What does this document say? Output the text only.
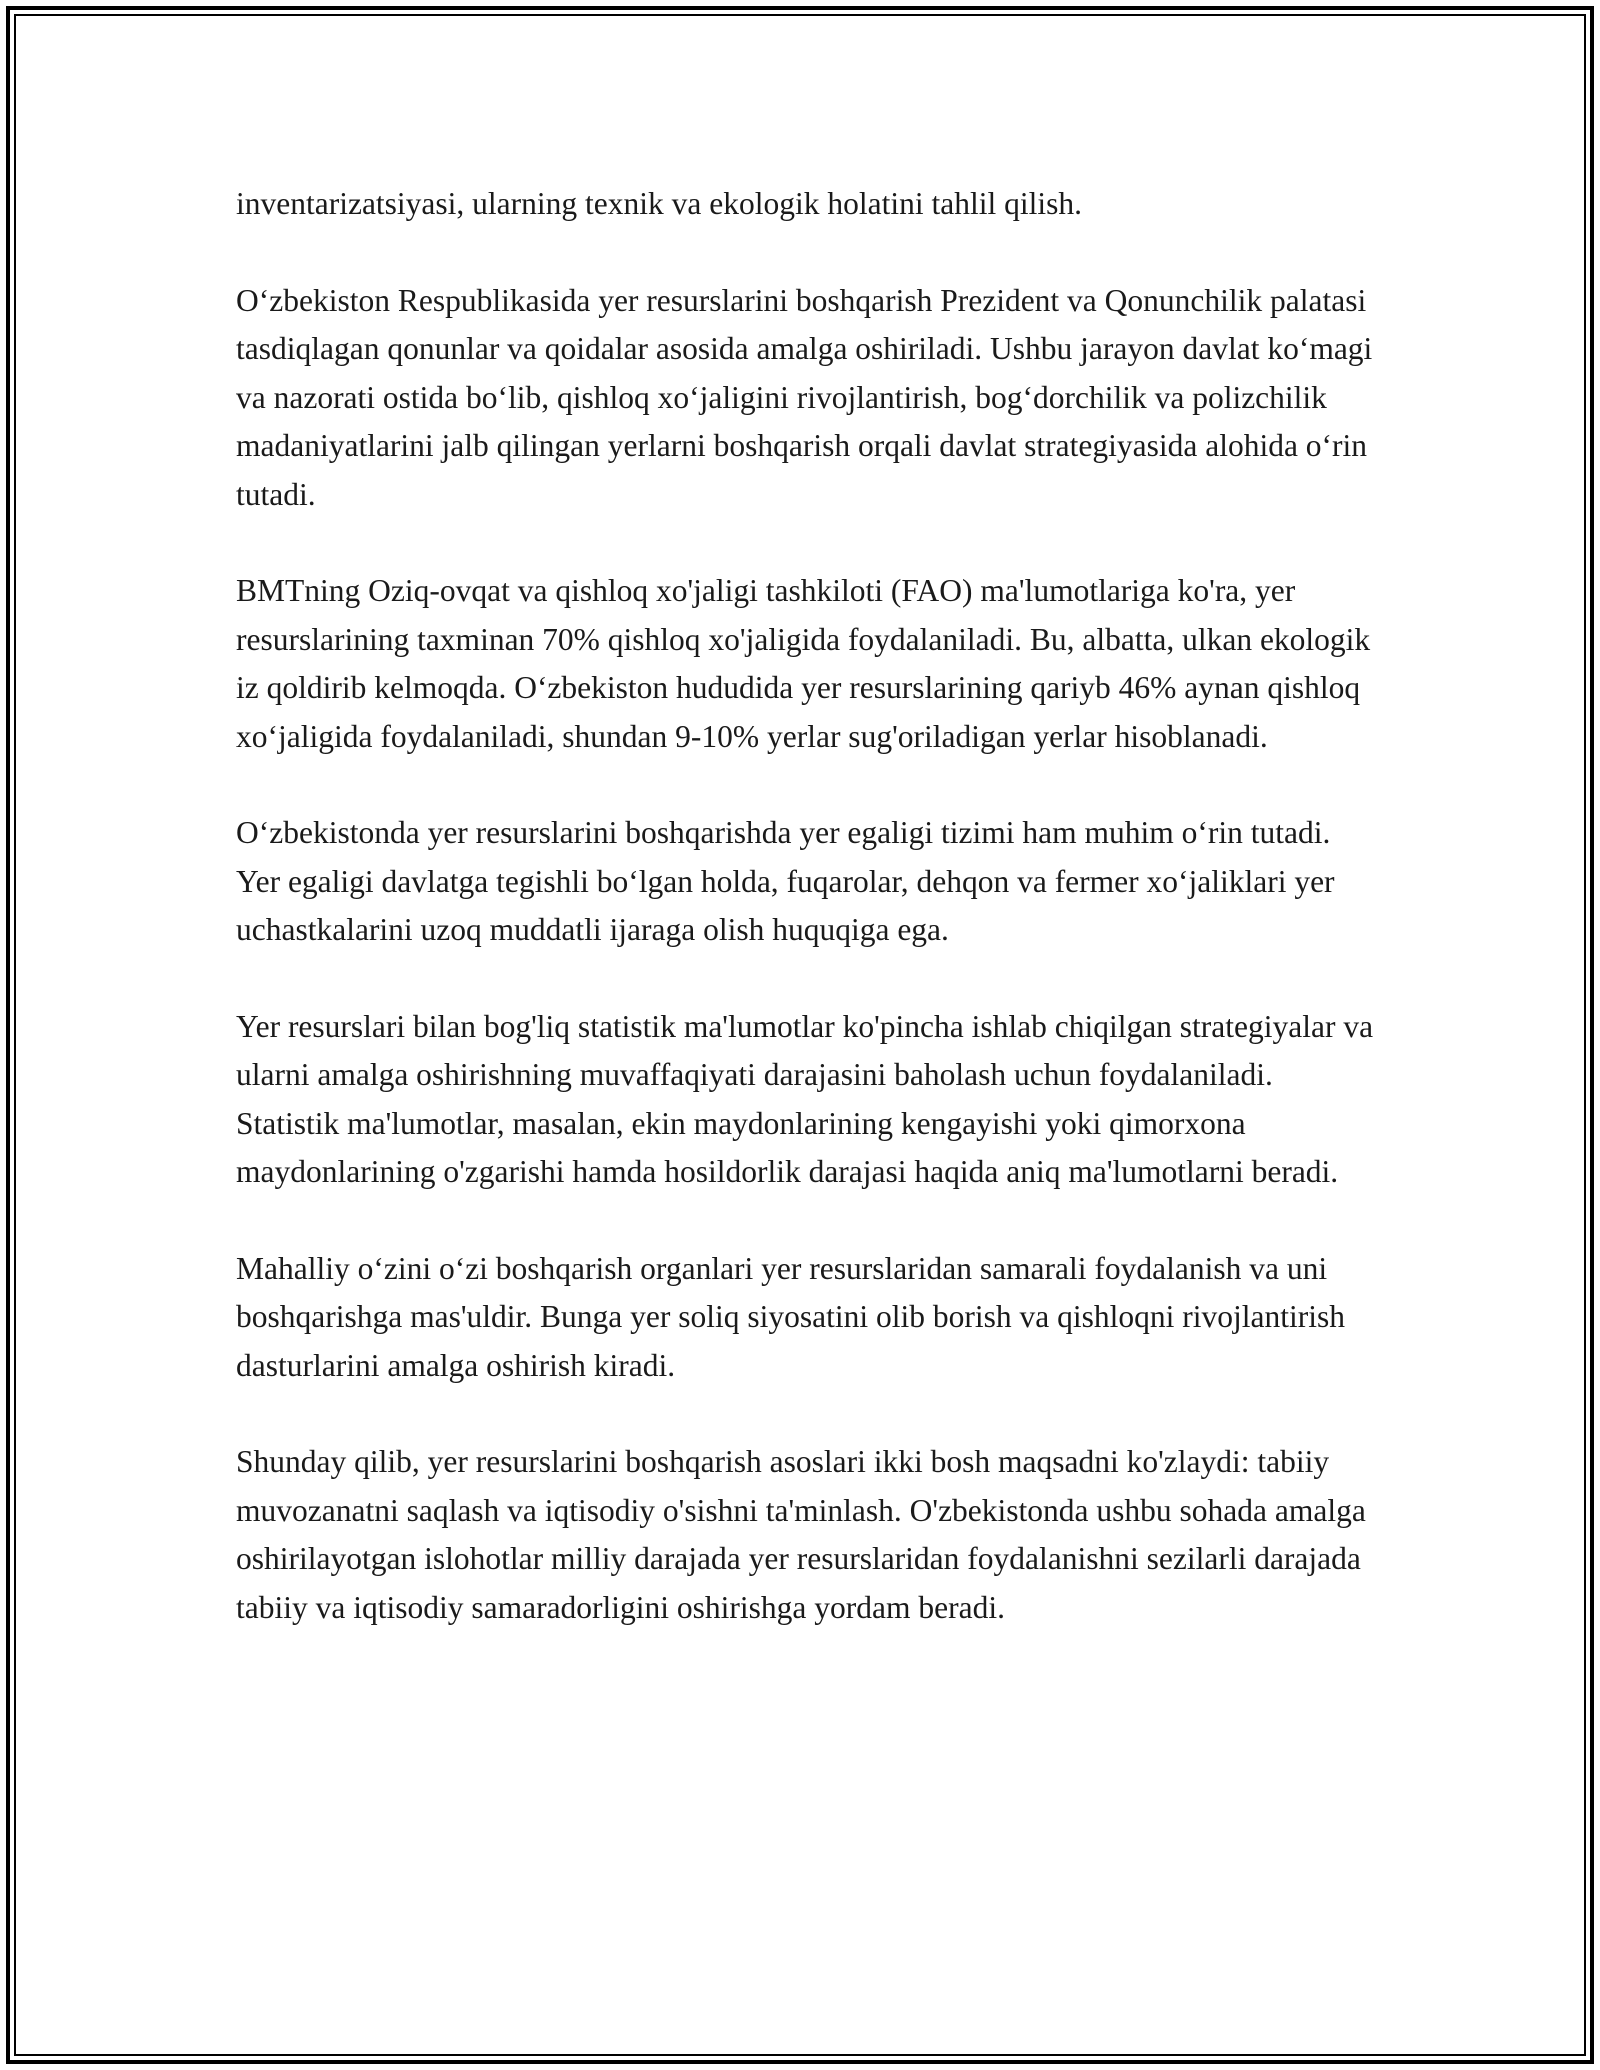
inventarizatsiyasi, ularning texnik va ekologik holatini tahlil qilish.

O‘zbekiston Respublikasida yer resurslarini boshqarish Prezident va Qonunchilik palatasi tasdiqlagan qonunlar va qoidalar asosida amalga oshiriladi. Ushbu jarayon davlat ko‘magi va nazorati ostida bo‘lib, qishloq xo‘jaligini rivojlantirish, bog‘dorchilik va polizchilik madaniyatlarini jalb qilingan yerlarni boshqarish orqali davlat strategiyasida alohida o‘rin tutadi.

BMTning Oziq-ovqat va qishloq xo'jaligi tashkiloti (FAO) ma'lumotlariga ko'ra, yer resurslarining taxminan 70% qishloq xo'jaligida foydalaniladi. Bu, albatta, ulkan ekologik iz qoldirib kelmoqda. O‘zbekiston hududida yer resurslarining qariyb 46% aynan qishloq xo‘jaligida foydalaniladi, shundan 9-10% yerlar sug'oriladigan yerlar hisoblanadi.

O‘zbekistonda yer resurslarini boshqarishda yer egaligi tizimi ham muhim o‘rin tutadi. Yer egaligi davlatga tegishli bo‘lgan holda, fuqarolar, dehqon va fermer xo‘jaliklari yer uchastkalarini uzoq muddatli ijaraga olish huquqiga ega.

Yer resurslari bilan bog'liq statistik ma'lumotlar ko'pincha ishlab chiqilgan strategiyalar va ularni amalga oshirishning muvaffaqiyati darajasini baholash uchun foydalaniladi. Statistik ma'lumotlar, masalan, ekin maydonlarining kengayishi yoki qimorxona maydonlarining o'zgarishi hamda hosildorlik darajasi haqida aniq ma'lumotlarni beradi.

Mahalliy o‘zini o‘zi boshqarish organlari yer resurslaridan samarali foydalanish va uni boshqarishga mas'uldir. Bunga yer soliq siyosatini olib borish va qishloqni rivojlantirish dasturlarini amalga oshirish kiradi.

Shunday qilib, yer resurslarini boshqarish asoslari ikki bosh maqsadni ko'zlaydi: tabiiy muvozanatni saqlash va iqtisodiy o'sishni ta'minlash. O'zbekistonda ushbu sohada amalga oshirilayotgan islohotlar milliy darajada yer resurslaridan foydalanishni sezilarli darajada tabiiy va iqtisodiy samaradorligini oshirishga yordam beradi.
